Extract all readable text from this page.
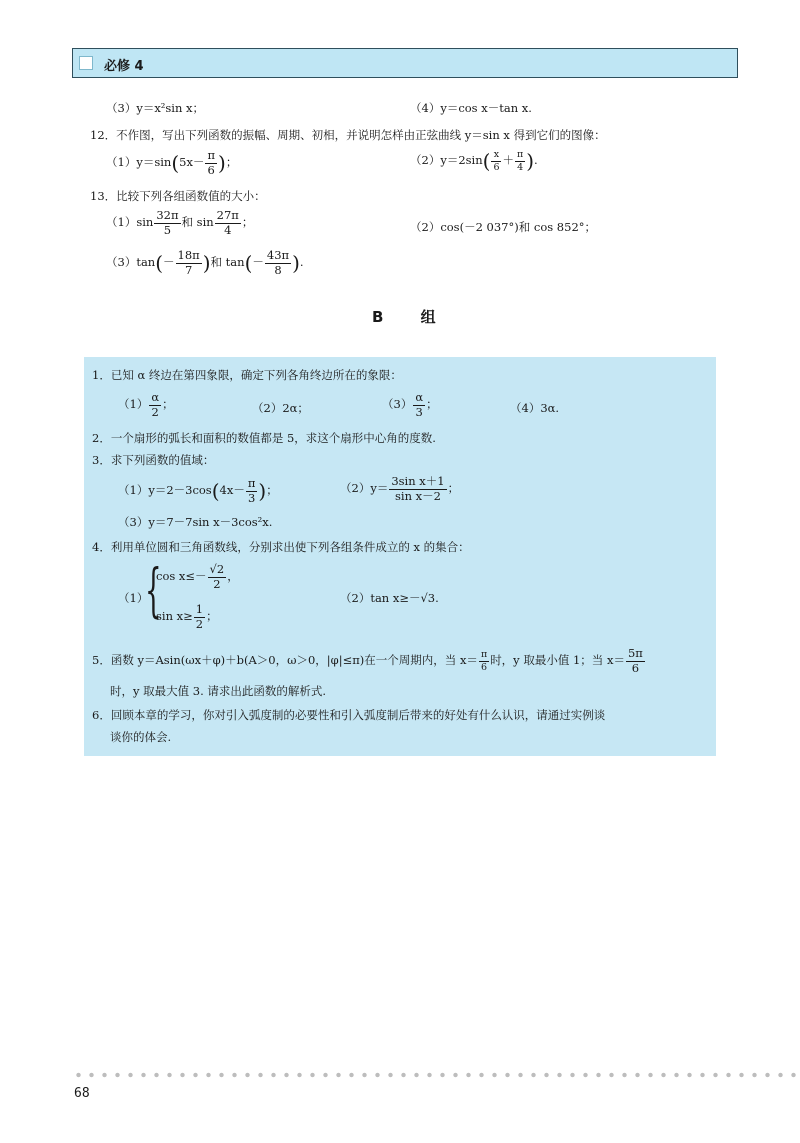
必修 4
（3）y＝x²sin x；	（4）y＝cos x－tan x.
12．不作图，写出下列函数的振幅、周期、初相，并说明怎样由正弦曲线 y＝sin x 得到它们的图像：
$(1)y=\sin(5x- \frac{\pi}{6}$ )；	$(2)y=2\sin( \frac{x}{6} + \frac{\pi}{4}$ ).
13．比较下列各组函数值的大小：
$(1)\sin \frac{32\pi}{5}$ 和 $\sin \frac{27\pi}{4}$ ；	（2）cos(－2 037°)和 cos 852°；
$(3)\tan(- \frac{18\pi}{7}$ )和 $\tan(- \frac{43\pi}{8}$ ).
B 组
1．已知 α 终边在第四象限，确定下列各角终边所在的象限：
$(1) \frac{\alpha}{2}$ ；	（2）2α；	$(3) \frac{\alpha}{3}$ ；	（4）3α.
2．一个扇形的弧长和面积的数值都是 5，求这个扇形中心角的度数.
3．求下列函数的值域：
$(1)y=2-3\cos(4x- \frac{\pi}{3}$ )；	$(2)y= \frac{\text{3sin x＋1}}{\text{sin x－2}}$ ；
（3）y＝7－7sin x－3cos²x.
4．利用单位圆和三角函数线，分别求出使下列各组条件成立的 x 的集合：
（1）
{
$\cos x\le- \frac{√2}{2}$ ，
$\sin x\ge \frac{1}{2}$ ；
（2）tan x≥－√3.
5．函数 y＝Asin(ωx＋φ)＋b(A＞0，ω＞0，|φ|≤π)在一个周期内，当 $x= \frac{\pi}{6}$ 时，y 取最小值 1；当 $x= \frac{5\pi}{6}$
时，y 取最大值 3. 请求出此函数的解析式.
6．回顾本章的学习，你对引入弧度制的必要性和引入弧度制后带来的好处有什么认识，请通过实例谈
谈你的体会.
68
